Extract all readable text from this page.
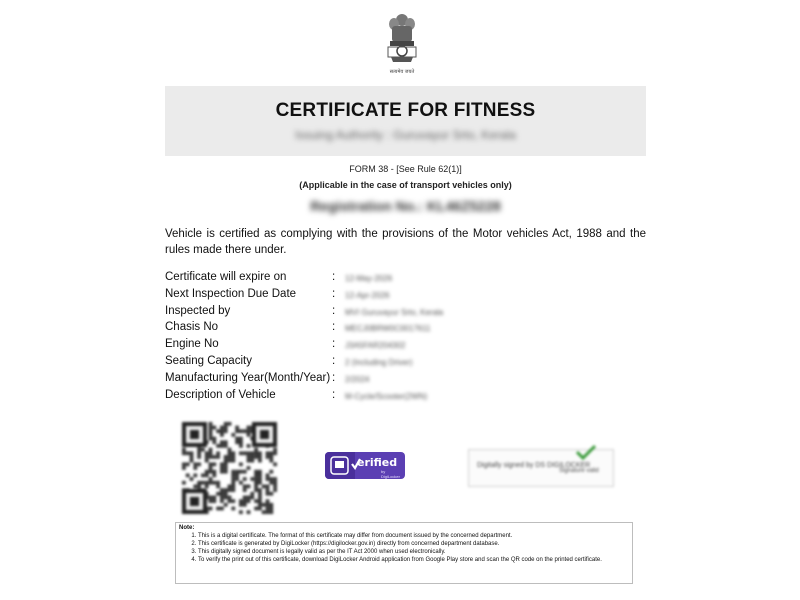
सत्यमेव जयते
CERTIFICATE FOR FITNESS
Issuing Authority : Guruvayur Srto, Kerala
FORM 38 - [See Rule 62(1)]
(Applicable in the case of transport vehicles only)
Registration No.: KL46Z5228
Vehicle is certified as complying with the provisions of the Motor vehicles Act, 1988 and the rules made there under.
Certificate will expire on	: 12-May-2026
Next Inspection Due Date	: 12-Apr-2026
Inspected by	: MVI Guruvayur Srto, Kerala
Chasis No	: MECJ0BRW0C0017611
Engine No	: J3A5FAR204302
Seating Capacity	: 2 (Including Driver)
Manufacturing Year(Month/Year) : 2/2024
Description of Vehicle	: M-Cycle/Scooter(2WN)
erified
by DigiLocker
Digitally signed by DS DIGILOCKER
Signature valid
Note:
1. This is a digital certificate. The format of this certificate may differ from document issued by the concerned department.
2. This certificate is generated by DigiLocker (https://digilocker.gov.in) directly from concerned department database.
3. This digitally signed document is legally valid as per the IT Act 2000 when used electronically.
4. To verify the print out of this certificate, download DigiLocker Android application from Google Play store and scan the QR code on the printed certificate.
